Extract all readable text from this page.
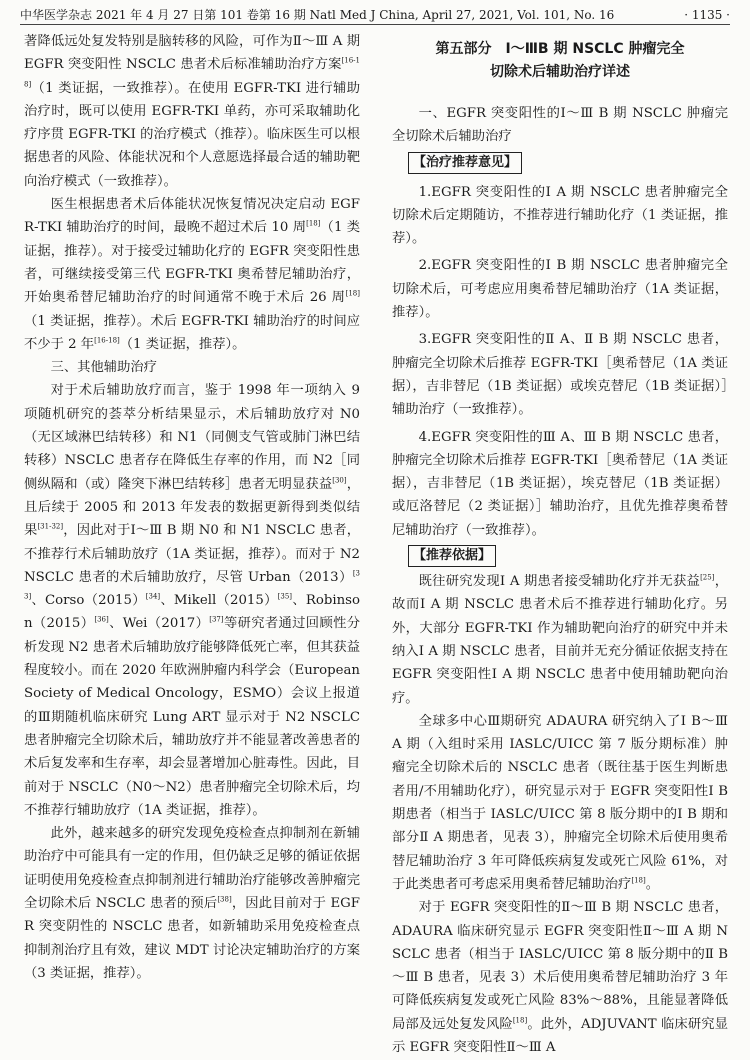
中华医学杂志 2021 年 4 月 27 日第 101 卷第 16 期 Natl Med J China, April 27, 2021, Vol. 101, No. 16	· 1135 ·

著降低远处复发特别是脑转移的风险，可作为Ⅱ～Ⅲ A 期 EGFR 突变阳性 NSCLC 患者术后标准辅助治疗方案[16-18]（1 类证据，一致推荐）。在使用 EGFR-TKI 进行辅助治疗时，既可以使用 EGFR-TKI 单药，亦可采取辅助化疗序贯 EGFR-TKI 的治疗模式（推荐）。临床医生可以根据患者的风险、体能状况和个人意愿选择最合适的辅助靶向治疗模式（一致推荐）。

医生根据患者术后体能状况恢复情况决定启动 EGFR-TKI 辅助治疗的时间，最晚不超过术后 10 周[18]（1 类证据，推荐）。对于接受过辅助化疗的 EGFR 突变阳性患者，可继续接受第三代 EGFR-TKI 奥希替尼辅助治疗，开始奥希替尼辅助治疗的时间通常不晚于术后 26 周[18]（1 类证据，推荐）。术后 EGFR-TKI 辅助治疗的时间应不少于 2 年[16-18]（1 类证据，推荐）。

三、其他辅助治疗

对于术后辅助放疗而言，鉴于 1998 年一项纳入 9 项随机研究的荟萃分析结果显示，术后辅助放疗对 N0（无区域淋巴结转移）和 N1（同侧支气管或肺门淋巴结转移）NSCLC 患者存在降低生存率的作用，而 N2［同侧纵隔和（或）隆突下淋巴结转移］患者无明显获益[30]，且后续于 2005 和 2013 年发表的数据更新得到类似结果[31-32]，因此对于Ⅰ～Ⅲ B 期 N0 和 N1 NSCLC 患者，不推荐行术后辅助放疗（1A 类证据，推荐）。而对于 N2 NSCLC 患者的术后辅助放疗，尽管 Urban（2013）[33]、Corso（2015）[34]、Mikell（2015）[35]、Robinson（2015）[36]、Wei（2017）[37]等研究者通过回顾性分析发现 N2 患者术后辅助放疗能够降低死亡率，但其获益程度较小。而在 2020 年欧洲肿瘤内科学会（European Society of Medical Oncology，ESMO）会议上报道的Ⅲ期随机临床研究 Lung ART 显示对于 N2 NSCLC 患者肿瘤完全切除术后，辅助放疗并不能显著改善患者的术后复发率和生存率，却会显著增加心脏毒性。因此，目前对于 NSCLC（N0～N2）患者肿瘤完全切除术后，均不推荐行辅助放疗（1A 类证据，推荐）。

此外，越来越多的研究发现免疫检查点抑制剂在新辅助治疗中可能具有一定的作用，但仍缺乏足够的循证依据证明使用免疫检查点抑制剂进行辅助治疗能够改善肿瘤完全切除术后 NSCLC 患者的预后[38]，因此目前对于 EGFR 突变阴性的 NSCLC 患者，如新辅助采用免疫检查点抑制剂治疗且有效，建议 MDT 讨论决定辅助治疗的方案（3 类证据，推荐）。

第五部分　Ⅰ～ⅢB 期 NSCLC 肿瘤完全
切除术后辅助治疗详述

一、EGFR 突变阳性的Ⅰ～Ⅲ B 期 NSCLC 肿瘤完全切除术后辅助治疗

【治疗推荐意见】

1.EGFR 突变阳性的Ⅰ A 期 NSCLC 患者肿瘤完全切除术后定期随访，不推荐进行辅助化疗（1 类证据，推荐）。

2.EGFR 突变阳性的Ⅰ B 期 NSCLC 患者肿瘤完全切除术后，可考虑应用奥希替尼辅助治疗（1A 类证据，推荐）。

3.EGFR 突变阳性的Ⅱ A、Ⅱ B 期 NSCLC 患者，肿瘤完全切除术后推荐 EGFR-TKI［奥希替尼（1A 类证据），吉非替尼（1B 类证据）或埃克替尼（1B 类证据）］辅助治疗（一致推荐）。

4.EGFR 突变阳性的Ⅲ A、Ⅲ B 期 NSCLC 患者，肿瘤完全切除术后推荐 EGFR-TKI［奥希替尼（1A 类证据），吉非替尼（1B 类证据），埃克替尼（1B 类证据）或厄洛替尼（2 类证据）］辅助治疗，且优先推荐奥希替尼辅助治疗（一致推荐）。

【推荐依据】

既往研究发现Ⅰ A 期患者接受辅助化疗并无获益[25]，故而Ⅰ A 期 NSCLC 患者术后不推荐进行辅助化疗。另外，大部分 EGFR-TKI 作为辅助靶向治疗的研究中并未纳入Ⅰ A 期 NSCLC 患者，目前并无充分循证依据支持在 EGFR 突变阳性Ⅰ A 期 NSCLC 患者中使用辅助靶向治疗。

全球多中心Ⅲ期研究 ADAURA 研究纳入了Ⅰ B～Ⅲ A 期（入组时采用 IASLC/UICC 第 7 版分期标准）肿瘤完全切除术后的 NSCLC 患者（既往基于医生判断患者用/不用辅助化疗），研究显示对于 EGFR 突变阳性Ⅰ B 期患者（相当于 IASLC/UICC 第 8 版分期中的Ⅰ B 期和部分Ⅱ A 期患者，见表 3），肿瘤完全切除术后使用奥希替尼辅助治疗 3 年可降低疾病复发或死亡风险 61%，对于此类患者可考虑采用奥希替尼辅助治疗[18]。

对于 EGFR 突变阳性的Ⅱ～Ⅲ B 期 NSCLC 患者，ADAURA 临床研究显示 EGFR 突变阳性Ⅱ～Ⅲ A 期 NSCLC 患者（相当于 IASLC/UICC 第 8 版分期中的Ⅱ B～Ⅲ B 患者，见表 3）术后使用奥希替尼辅助治疗 3 年可降低疾病复发或死亡风险 83%～88%，且能显著降低局部及远处复发风险[18]。此外，ADJUVANT 临床研究显示 EGFR 突变阳性Ⅱ～Ⅲ A
